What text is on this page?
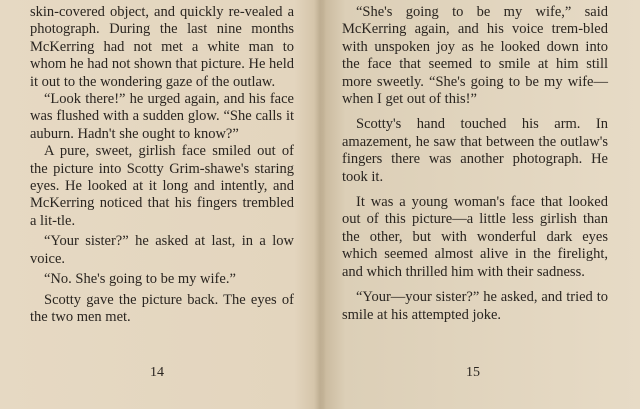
skin-covered object, and quickly re-vealed a photograph. During the last nine months McKerring had not met a white man to whom he had not shown that picture. He held it out to the wondering gaze of the outlaw.

“Look there!” he urged again, and his face was flushed with a sudden glow. “She calls it auburn. Hadn't she ought to know?”

A pure, sweet, girlish face smiled out of the picture into Scotty Grim-shawe's staring eyes. He looked at it long and intently, and McKerring noticed that his fingers trembled a lit-tle.

“Your sister?” he asked at last, in a low voice.

“No. She's going to be my wife.”

Scotty gave the picture back. The eyes of the two men met.

14

“She's going to be my wife,” said McKerring again, and his voice trem-bled with unspoken joy as he looked down into the face that seemed to smile at him still more sweetly. “She's going to be my wife—when I get out of this!”

Scotty's hand touched his arm. In amazement, he saw that between the outlaw's fingers there was another photograph. He took it.

It was a young woman's face that looked out of this picture—a little less girlish than the other, but with wonderful dark eyes which seemed almost alive in the firelight, and which thrilled him with their sadness.

“Your—your sister?” he asked, and tried to smile at his attempted joke.

15
